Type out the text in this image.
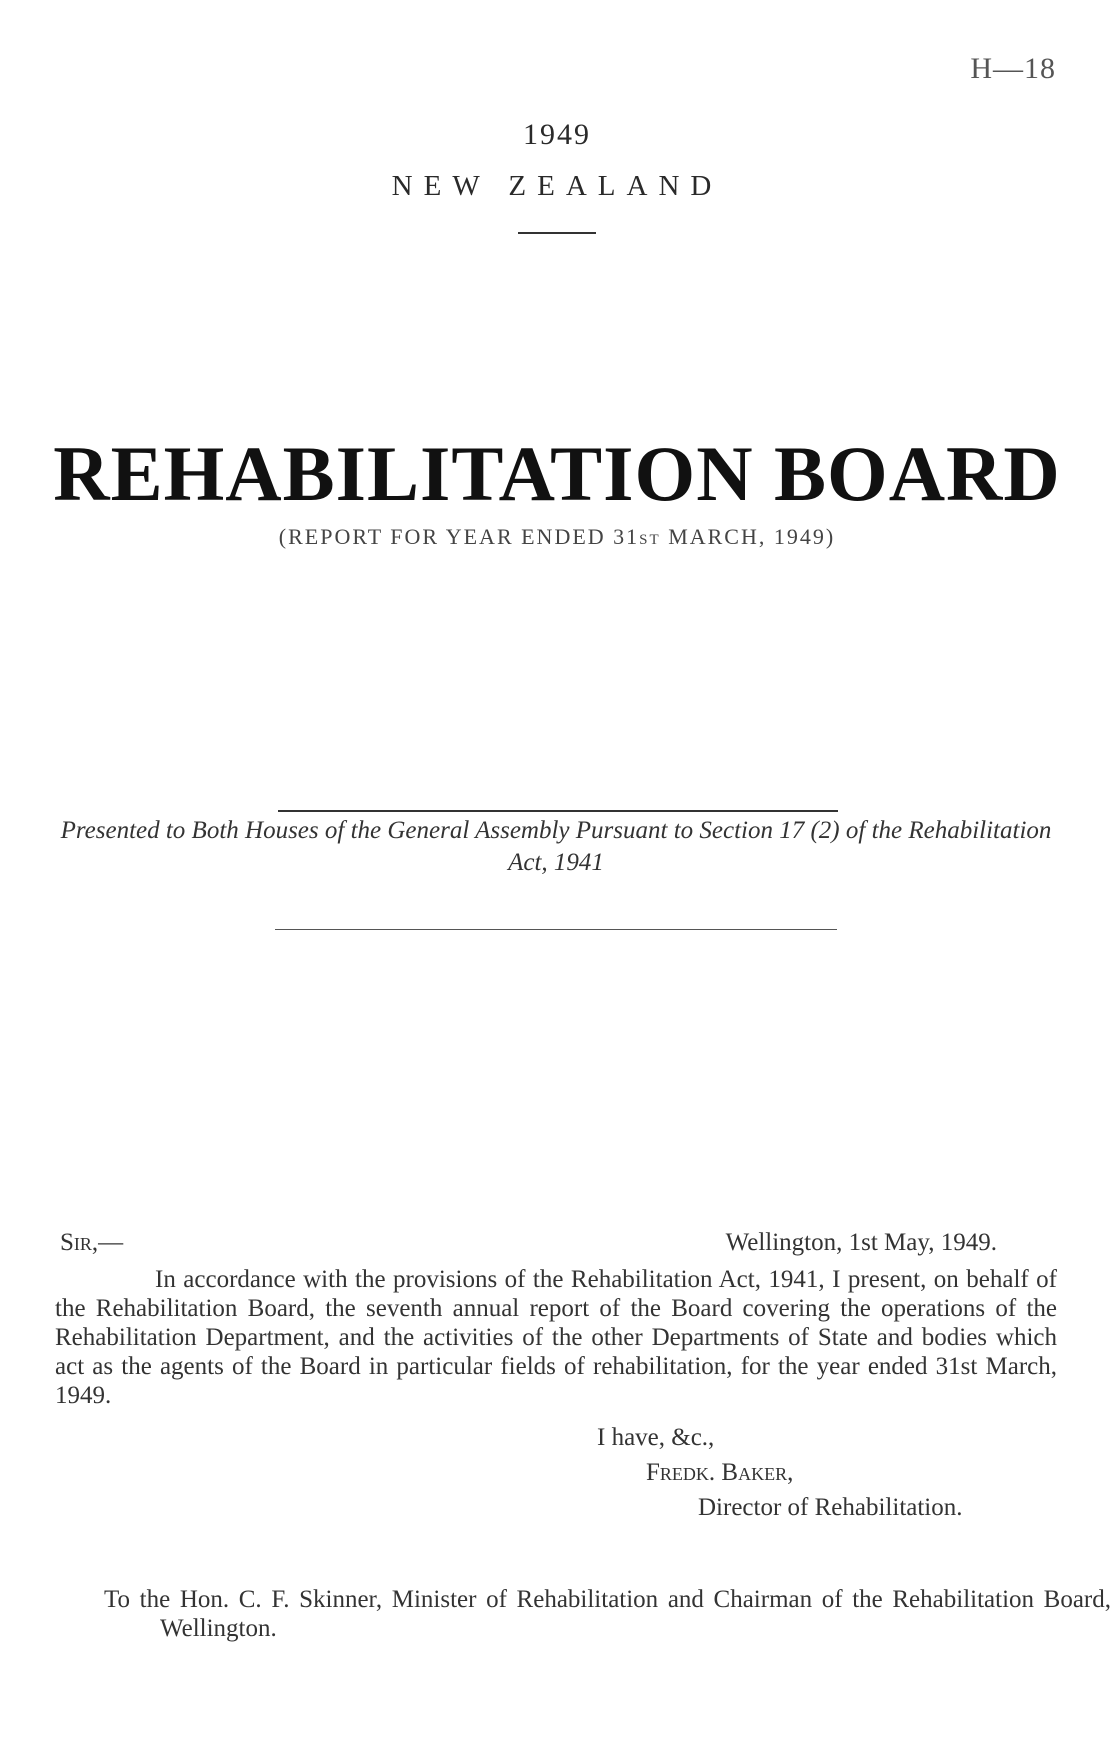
H—18
1949
NEW ZEALAND
REHABILITATION BOARD
(REPORT FOR YEAR ENDED 31ST MARCH, 1949)
Presented to Both Houses of the General Assembly Pursuant to Section 17 (2) of the Rehabilitation Act, 1941
Sir,—	Wellington, 1st May, 1949.
In accordance with the provisions of the Rehabilitation Act, 1941, I present, on behalf of the Rehabilitation Board, the seventh annual report of the Board covering the operations of the Rehabilitation Department, and the activities of the other Departments of State and bodies which act as the agents of the Board in particular fields of rehabilitation, for the year ended 31st March, 1949.
I have, &c.,
Fredk. Baker,
Director of Rehabilitation.
To the Hon. C. F. Skinner, Minister of Rehabilitation and Chairman of the Rehabilitation Board, Wellington.
